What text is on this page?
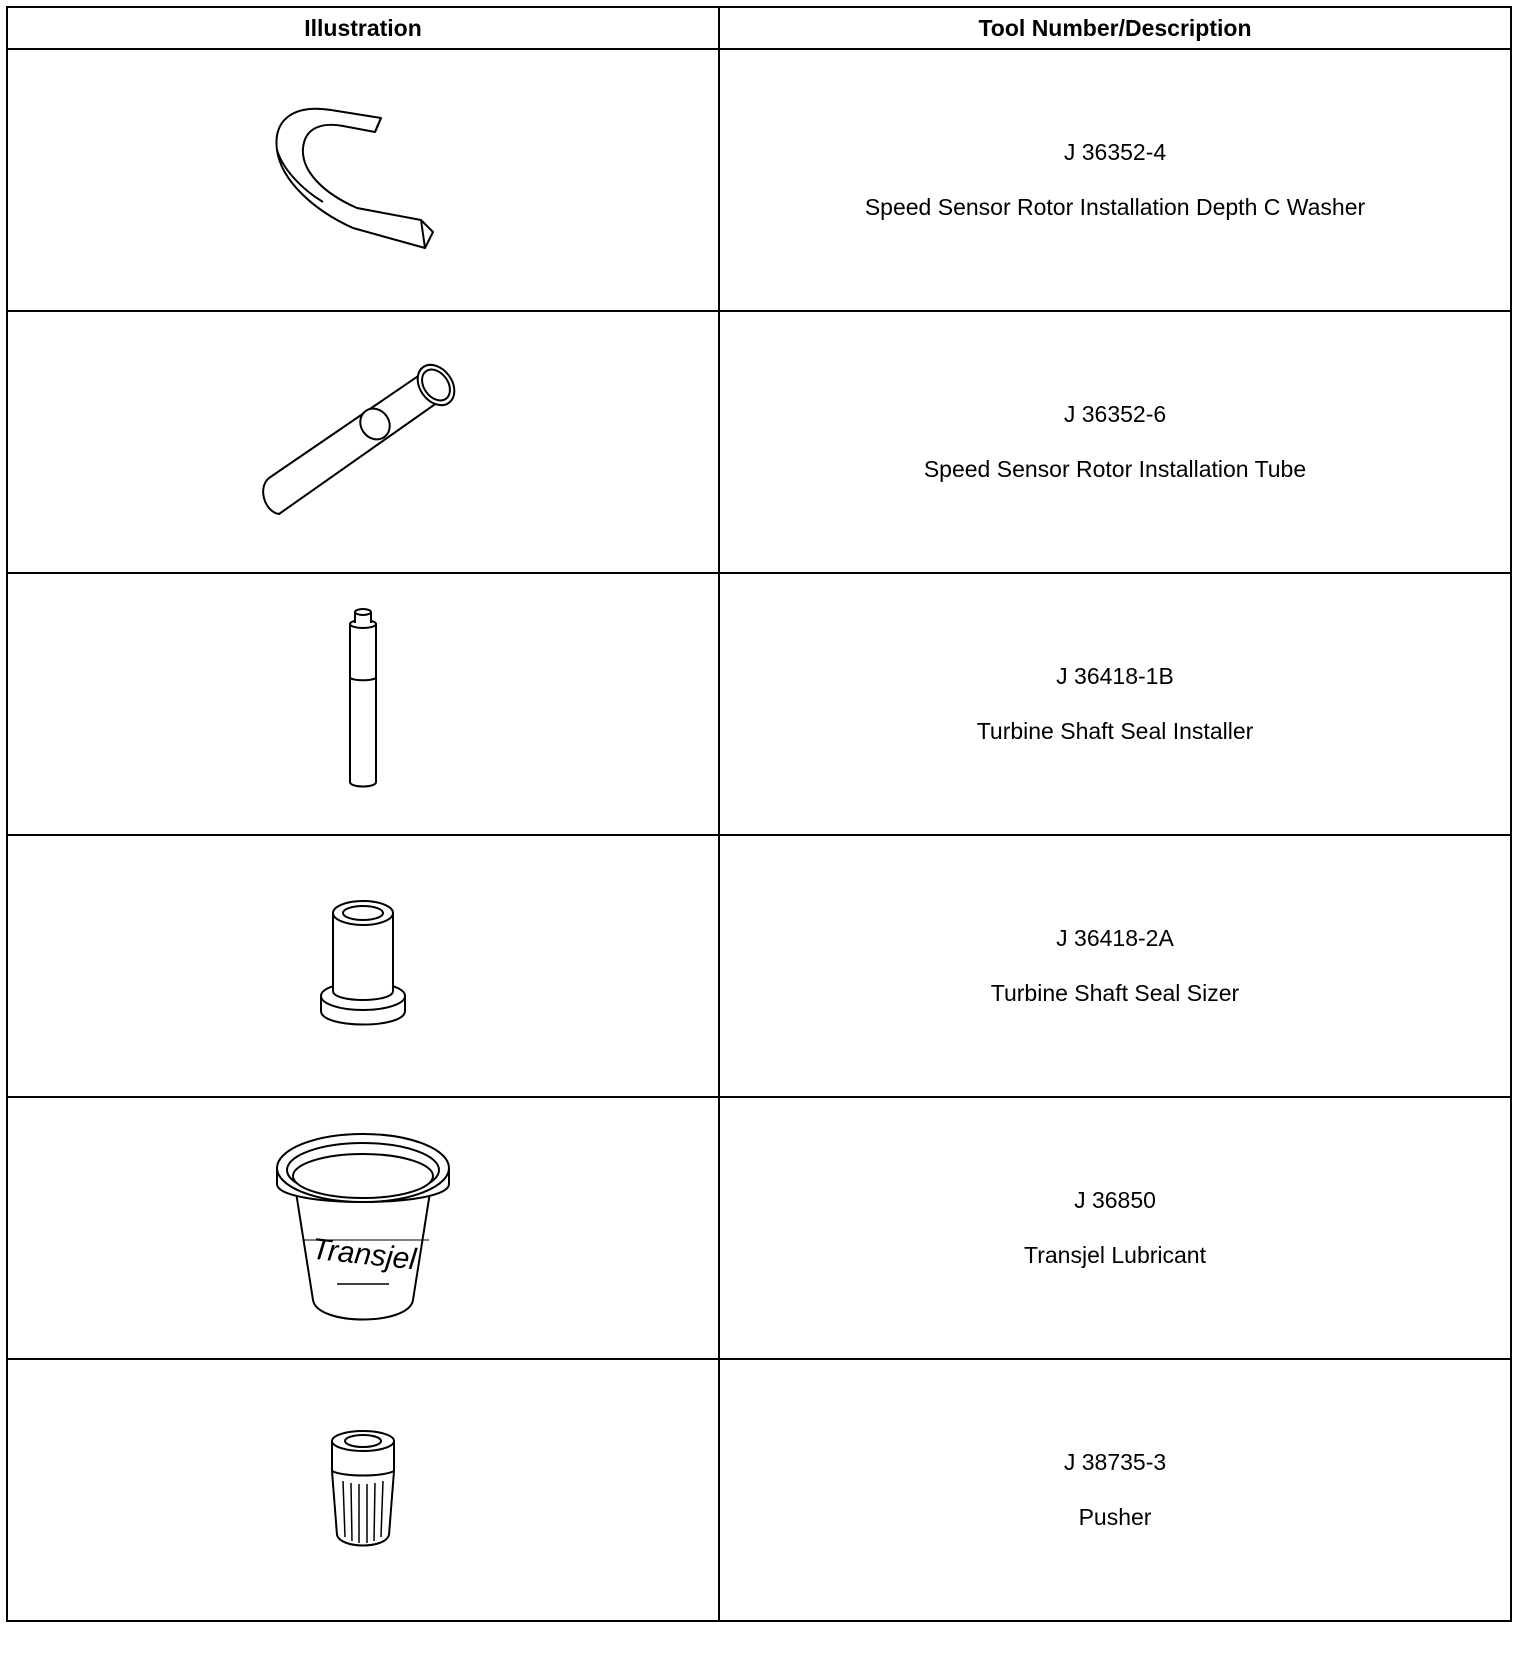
Illustration	Tool Number/Description

J 36352-4
Speed Sensor Rotor Installation Depth C Washer

J 36352-6
Speed Sensor Rotor Installation Tube

J 36418-1B
Turbine Shaft Seal Installer

J 36418-2A
Turbine Shaft Seal Sizer

Transjel	J 36850
Transjel Lubricant

J 38735-3
Pusher
